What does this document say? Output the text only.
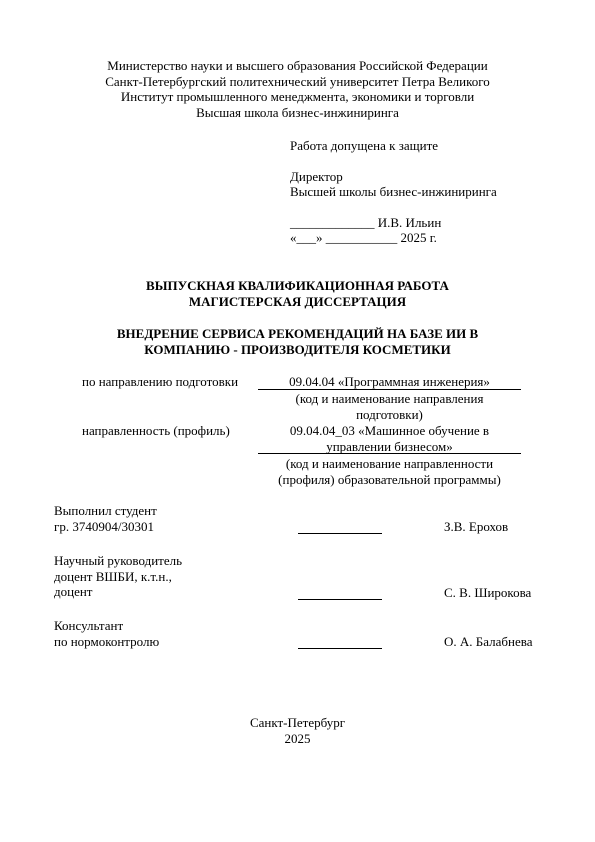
Министерство науки и высшего образования Российской Федерации
Санкт-Петербургский политехнический университет Петра Великого
Институт промышленного менеджмента, экономики и торговли
Высшая школа бизнес-инжиниринга
Работа допущена к защите
Директор
Высшей школы бизнес-инжиниринга
_____________ И.В. Ильин
«___» ___________ 2025 г.
ВЫПУСКНАЯ КВАЛИФИКАЦИОННАЯ РАБОТА
МАГИСТЕРСКАЯ ДИССЕРТАЦИЯ
ВНЕДРЕНИЕ СЕРВИСА РЕКОМЕНДАЦИЙ НА БАЗЕ ИИ В
КОМПАНИЮ - ПРОИЗВОДИТЕЛЯ КОСМЕТИКИ
по направлению подготовки	09.04.04 «Программная инженерия»
(код и наименование направления
подготовки)
направленность (профиль)	09.04.04_03 «Машинное обучение в
управлении бизнесом»
(код и наименование направленности
(профиля) образовательной программы)
Выполнил студент
гр. 3740904/30301	З.В. Ерохов
Научный руководитель
доцент ВШБИ, к.т.н.,
доцент	С. В. Широкова
Консультант
по нормоконтролю	О. А. Балабнева
Санкт-Петербург
2025
